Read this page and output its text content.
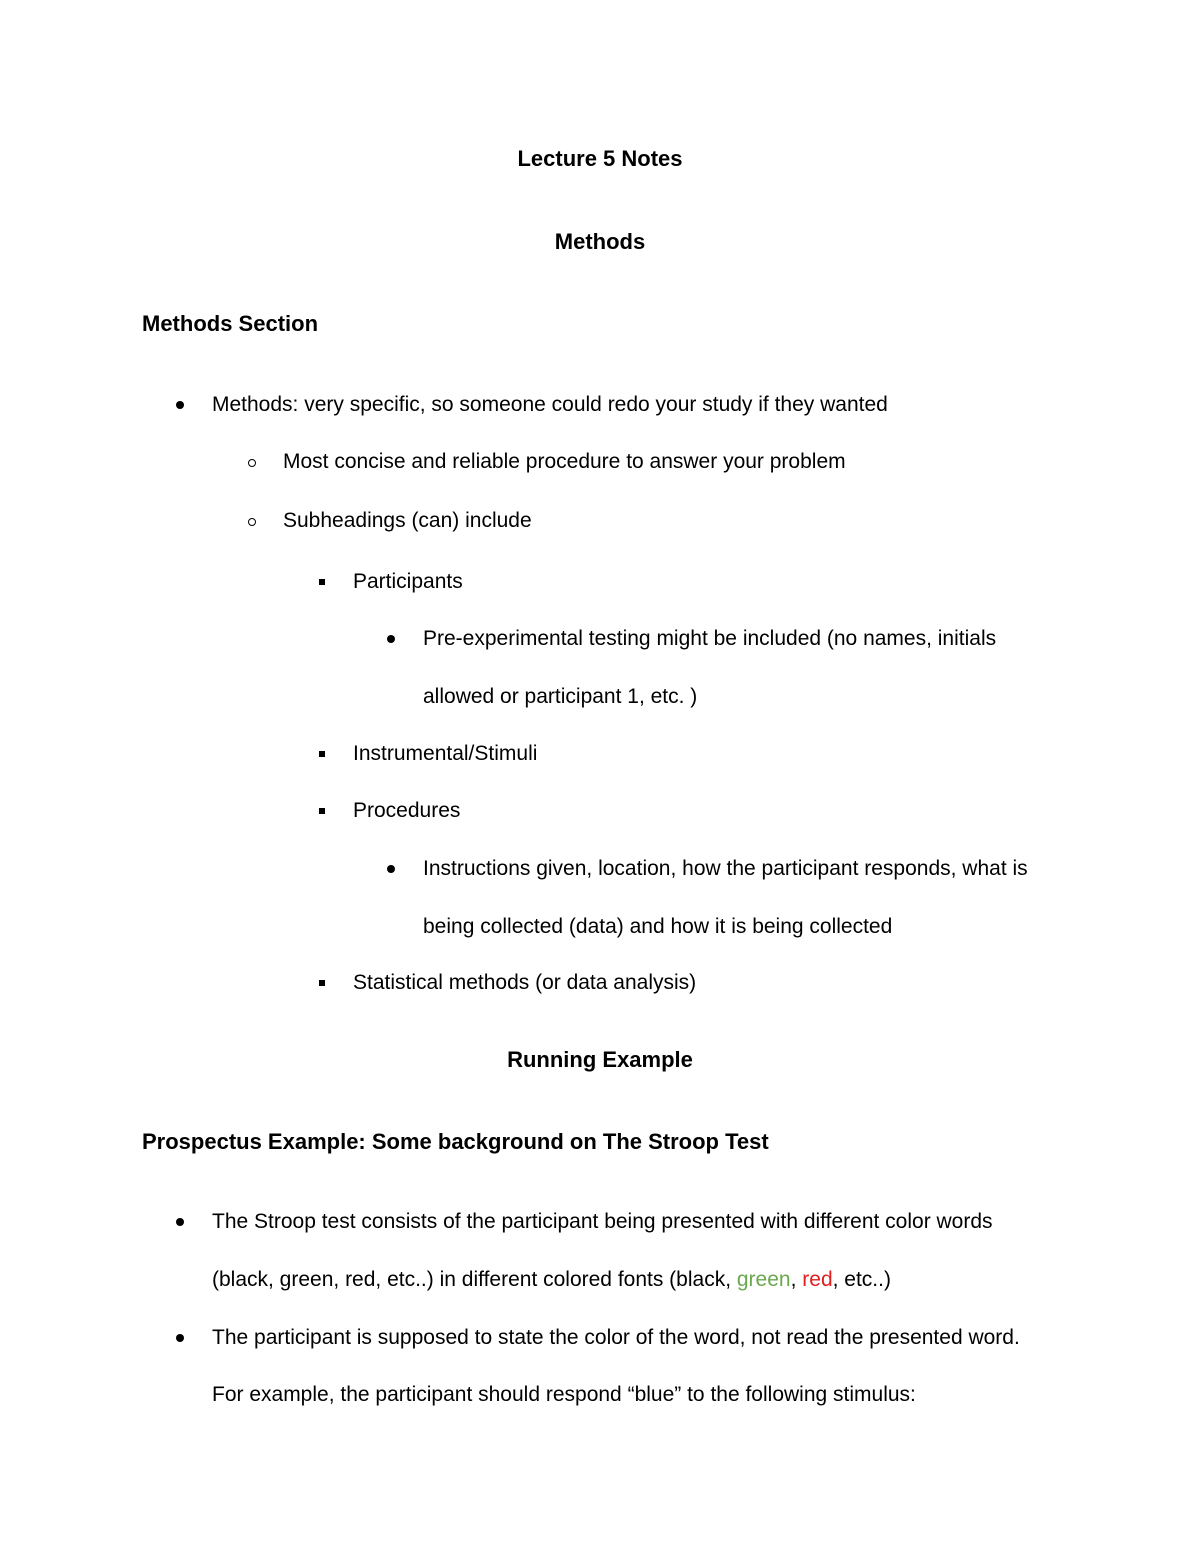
Lecture 5 Notes
Methods
Methods Section
Methods: very specific, so someone could redo your study if they wanted
Most concise and reliable procedure to answer your problem
Subheadings (can) include
Participants
Pre-experimental testing might be included (no names, initials
allowed or participant 1, etc. )
Instrumental/Stimuli
Procedures
Instructions given, location, how the participant responds, what is
being collected (data) and how it is being collected
Statistical methods (or data analysis)
Running Example
Prospectus Example: Some background on The Stroop Test
The Stroop test consists of the participant being presented with different color words
(black, green, red, etc..) in different colored fonts (black, green, red, etc..)
The participant is supposed to state the color of the word, not read the presented word.
For example, the participant should respond “blue” to the following stimulus:
